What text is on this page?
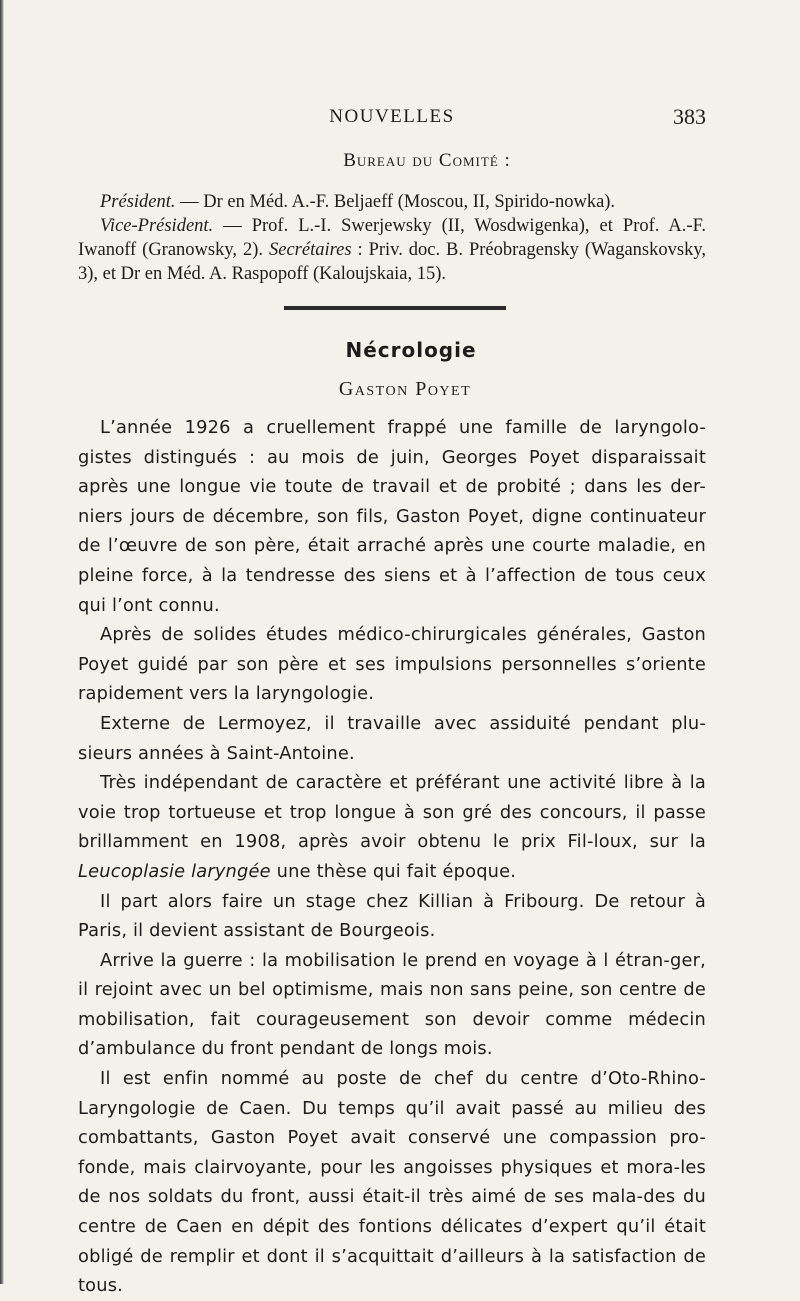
NOUVELLES	383
Bureau du Comité :

Président. — Dr en Méd. A.-F. Beljaeff (Moscou, II, Spirido-nowka).

Vice-Président. — Prof. L.-I. Swerjewsky (II, Wosdwigenka), et Prof. A.-F. Iwanoff (Granowsky, 2). Secrétaires : Priv. doc. B. Préobragensky (Waganskovsky, 3), et Dr en Méd. A. Raspopoff (Kaloujskaia, 15).

Nécrologie
Gaston Poyet

L’année 1926 a cruellement frappé une famille de laryngolo-gistes distingués : au mois de juin, Georges Poyet disparaissait après une longue vie toute de travail et de probité ; dans les der-niers jours de décembre, son fils, Gaston Poyet, digne continuateur de l’œuvre de son père, était arraché après une courte maladie, en pleine force, à la tendresse des siens et à l’affection de tous ceux qui l’ont connu.

Après de solides études médico-chirurgicales générales, Gaston Poyet guidé par son père et ses impulsions personnelles s’oriente rapidement vers la laryngologie.

Externe de Lermoyez, il travaille avec assiduité pendant plu-sieurs années à Saint-Antoine.

Très indépendant de caractère et préférant une activité libre à la voie trop tortueuse et trop longue à son gré des concours, il passe brillamment en 1908, après avoir obtenu le prix Fil-loux, sur la Leucoplasie laryngée une thèse qui fait époque.

Il part alors faire un stage chez Killian à Fribourg. De retour à Paris, il devient assistant de Bourgeois.

Arrive la guerre : la mobilisation le prend en voyage à l étran-ger, il rejoint avec un bel optimisme, mais non sans peine, son centre de mobilisation, fait courageusement son devoir comme médecin d’ambulance du front pendant de longs mois.

Il est enfin nommé au poste de chef du centre d’Oto-Rhino-Laryngologie de Caen. Du temps qu’il avait passé au milieu des combattants, Gaston Poyet avait conservé une compassion pro-fonde, mais clairvoyante, pour les angoisses physiques et mora-les de nos soldats du front, aussi était-il très aimé de ses mala-des du centre de Caen en dépit des fontions délicates d’expert qu’il était obligé de remplir et dont il s’acquittait d’ailleurs à la satisfaction de tous.
